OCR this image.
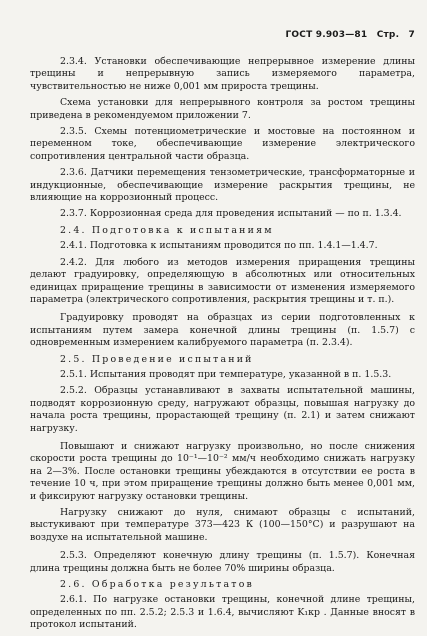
ГОСТ 9.903—81 Стр. 7

2.3.4. Установки обеспечивающие непрерывное измерение длины трещины и непрерывную запись измеряемого параметра, чувствительностью не ниже 0,001 мм прироста трещины.

Схема установки для непрерывного контроля за ростом трещины приведена в рекомендуемом приложении 7.

2.3.5. Схемы потенциометрические и мостовые на постоянном и переменном токе, обеспечивающие измерение электрического сопротивления центральной части образца.

2.3.6. Датчики перемещения тензометрические, трансформаторные и индукционные, обеспечивающие измерение раскрытия трещины, не влияющие на коррозионный процесс.

2.3.7. Коррозионная среда для проведения испытаний — по п. 1.3.4.

2.4. Подготовка к испытаниям

2.4.1. Подготовка к испытаниям проводится по пп. 1.4.1—1.4.7.

2.4.2. Для любого из методов измерения приращения трещины делают градуировку, определяющую в абсолютных или относительных единицах приращение трещины в зависимости от изменения измеряемого параметра (электрического сопротивления, раскрытия трещины и т. п.).

Градуировку проводят на образцах из серии подготовленных к испытаниям путем замера конечной длины трещины (п. 1.5.7) с одновременным измерением калибруемого параметра (п. 2.3.4).

2.5. Проведение испытаний

2.5.1. Испытания проводят при температуре, указанной в п. 1.5.3.

2.5.2. Образцы устанавливают в захваты испытательной машины, подводят коррозионную среду, нагружают образцы, повышая нагрузку до начала роста трещины, прорастающей трещину (п. 2.1) и затем снижают нагрузку.

Повышают и снижают нагрузку произвольно, но после снижения скорости роста трещины до 10⁻¹—10⁻² мм/ч необходимо снижать нагрузку на 2—3%. После остановки трещины убеждаются в отсутствии ее роста в течение 10 ч, при этом приращение трещины должно быть менее 0,001 мм, и фиксируют нагрузку остановки трещины.

Нагрузку снижают до нуля, снимают образцы с испытаний, выстукивают при температуре 373—423 К (100—150°С) и разрушают на воздухе на испытательной машине.

2.5.3. Определяют конечную длину трещины (п. 1.5.7). Конечная длина трещины должна быть не более 70% ширины образца.

2.6. Обработка результатов

2.6.1. По нагрузке остановки трещины, конечной длине трещины, определенных по пп. 2.5.2; 2.5.3 и 1.6.4, вычисляют K₁кр . Данные вносят в протокол испытаний.
